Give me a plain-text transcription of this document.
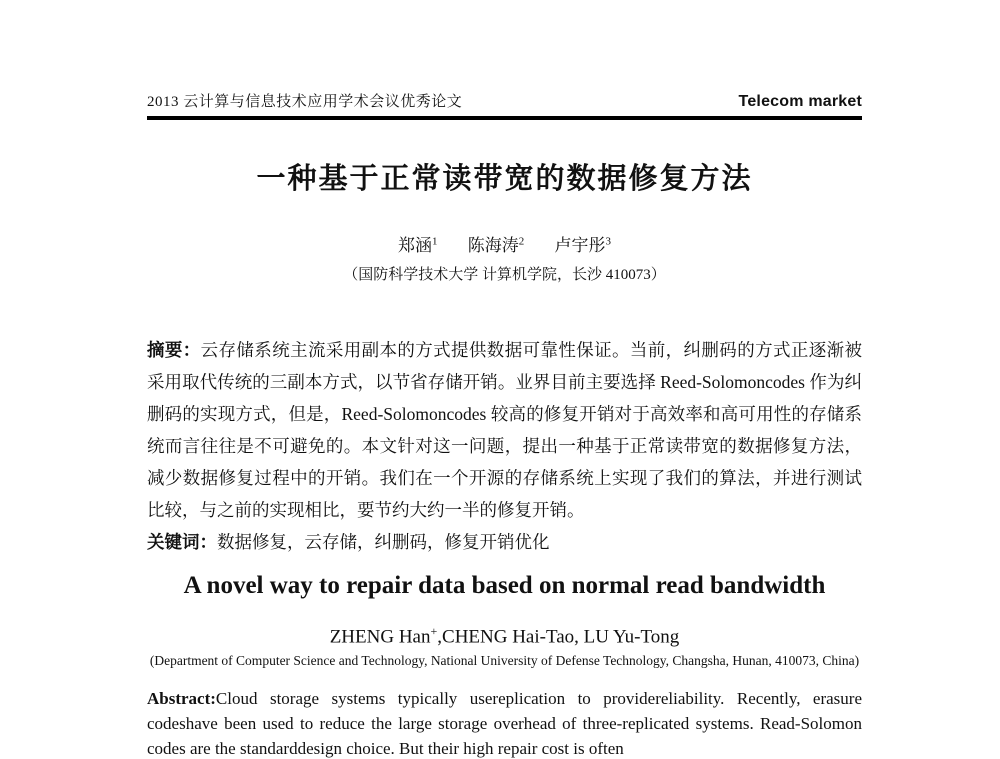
2013 云计算与信息技术应用学术会议优秀论文	Telecom market
一种基于正常读带宽的数据修复方法
郑涵$^1$ 陈海涛$^2$ 卢宇彤$^3$
（国防科学技术大学 计算机学院，长沙 410073）

摘要：云存储系统主流采用副本的方式提供数据可靠性保证。当前，纠删码的方式正逐渐被采用取代传统的三副本方式，以节省存储开销。业界目前主要选择 Reed-Solomoncodes 作为纠删码的实现方式，但是，Reed-Solomoncodes 较高的修复开销对于高效率和高可用性的存储系统而言往往是不可避免的。本文针对这一问题，提出一种基于正常读带宽的数据修复方法，减少数据修复过程中的开销。我们在一个开源的存储系统上实现了我们的算法，并进行测试比较，与之前的实现相比，要节约大约一半的修复开销。

关键词：数据修复，云存储，纠删码，修复开销优化

A novel way to repair data based on normal read bandwidth
ZHENG Han+,CHENG Hai-Tao, LU Yu-Tong
(Department of Computer Science and Technology, National University of Defense Technology, Changsha, Hunan, 410073, China)

Abstract:Cloud storage systems typically usereplication to providereliability. Recently, erasure codeshave been used to reduce the large storage overhead of three-replicated systems. Read-Solomon codes are the standarddesign choice. But their high repair cost is often
